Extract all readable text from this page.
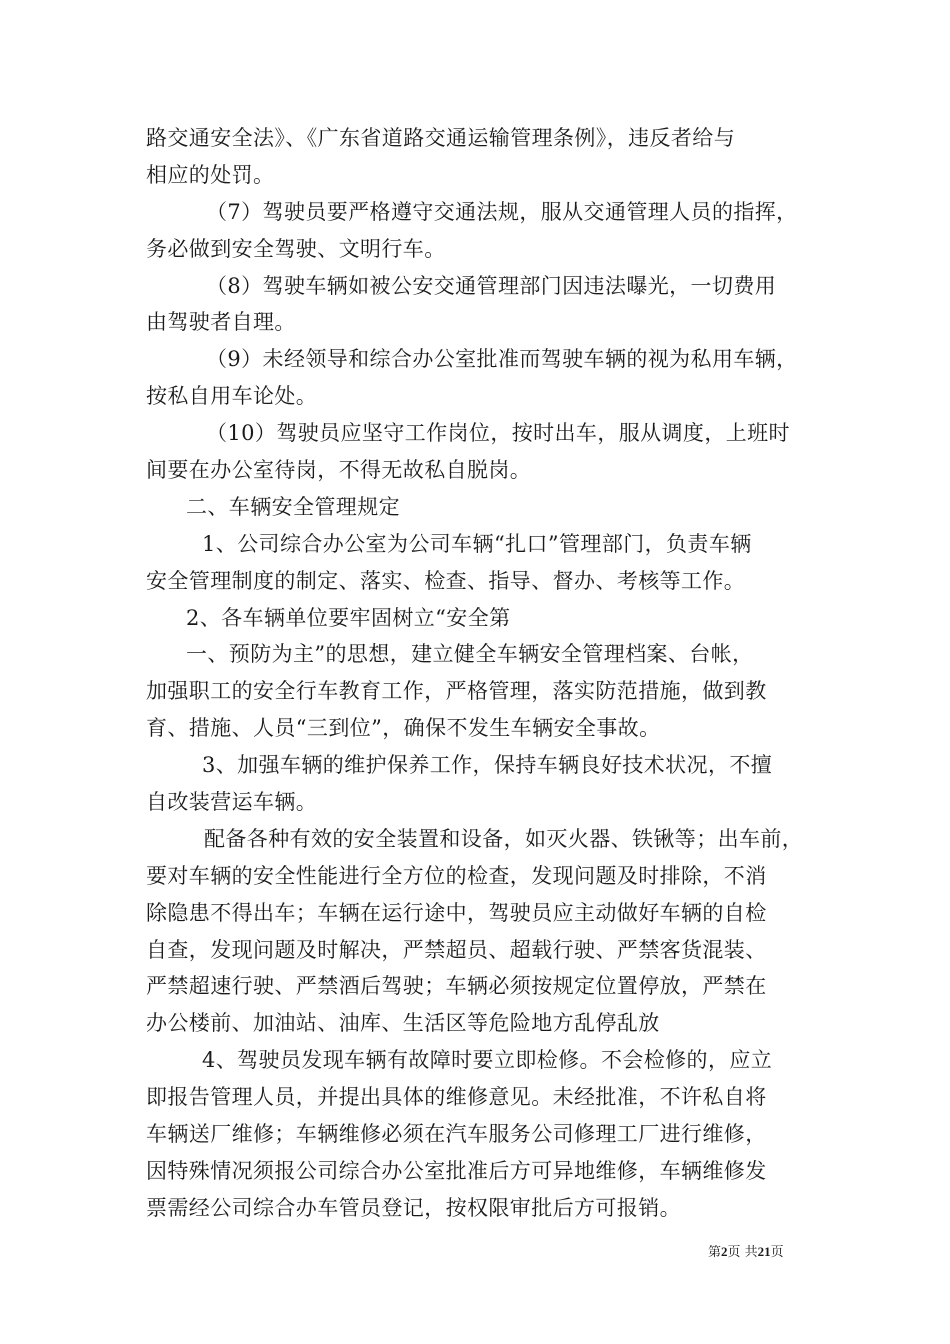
路交通安全法》、《广东省道路交通运输管理条例》，违反者给与
相应的处罚。
（7）驾驶员要严格遵守交通法规，服从交通管理人员的指挥，
务必做到安全驾驶、文明行车。
（8）驾驶车辆如被公安交通管理部门因违法曝光，一切费用
由驾驶者自理。
（9）未经领导和综合办公室批准而驾驶车辆的视为私用车辆，
按私自用车论处。
（10）驾驶员应坚守工作岗位，按时出车，服从调度，上班时
间要在办公室待岗，不得无故私自脱岗。
二、车辆安全管理规定
1、公司综合办公室为公司车辆“扎口”管理部门，负责车辆
安全管理制度的制定、落实、检查、指导、督办、考核等工作。
2、各车辆单位要牢固树立“安全第
一、预防为主”的思想，建立健全车辆安全管理档案、台帐，
加强职工的安全行车教育工作，严格管理，落实防范措施，做到教
育、措施、人员“三到位”，确保不发生车辆安全事故。
3、加强车辆的维护保养工作，保持车辆良好技术状况，不擅
自改装营运车辆。
配备各种有效的安全装置和设备，如灭火器、铁锹等；出车前，
要对车辆的安全性能进行全方位的检查，发现问题及时排除，不消
除隐患不得出车；车辆在运行途中，驾驶员应主动做好车辆的自检
自查，发现问题及时解决，严禁超员、超载行驶、严禁客货混装、
严禁超速行驶、严禁酒后驾驶；车辆必须按规定位置停放，严禁在
办公楼前、加油站、油库、生活区等危险地方乱停乱放
4、驾驶员发现车辆有故障时要立即检修。不会检修的，应立
即报告管理人员，并提出具体的维修意见。未经批准，不许私自将
车辆送厂维修；车辆维修必须在汽车服务公司修理工厂进行维修，
因特殊情况须报公司综合办公室批准后方可异地维修，车辆维修发
票需经公司综合办车管员登记，按权限审批后方可报销。
第2页 共21页
